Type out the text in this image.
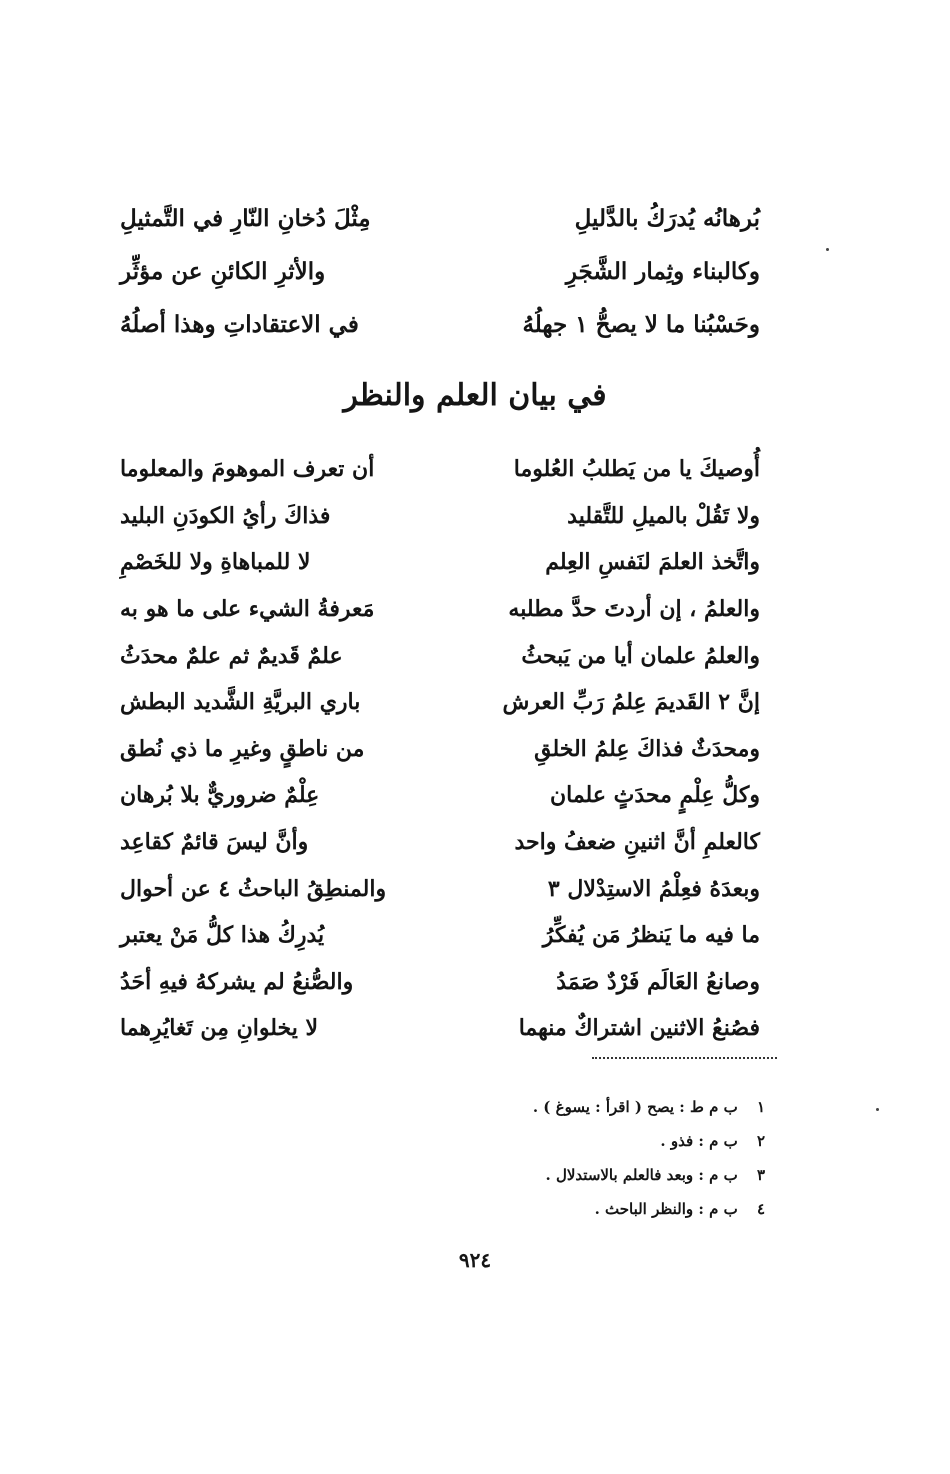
بُرهانُه يُدرَكُ بالدَّليلِ
مِثْلَ دُخانِ النّارِ في التَّمثيلِ
وكالبناء وثِمار الشَّجَرِ
والأثرِ الكائنِ عن مؤثِّر
وحَسْبُنا ما لا يصحُّ ١ جهلُهُ
في الاعتقاداتِ وهذا أصلُهُ
في بيان العلم والنظر
أُوصيكَ يا من يَطلبُ العُلوما
أن تعرف الموهومَ والمعلوما
ولا تَقُلْ بالميلِ للتَّقليد
فذاكَ رأيُ الكودَنِ البليد
واتَّخذ العلمَ لنَفسِ العِلم
لا للمباهاةِ ولا للخَصْمِ
والعلمُ ، إن أردتَ حدَّ مطلبه
مَعرفةُ الشيء على ما هو به
والعلمُ علمان أيا من يَبحثُ
علمٌ قَديمٌ ثم علمٌ محدَثُ
إنَّ ٢ القَديمَ عِلمُ رَبِّ العرش
باري البريَّةِ الشَّديد البطش
ومحدَثٌ فذاكَ عِلمُ الخلقِ
من ناطقٍ وغيرِ ما ذي نُطق
وكلُّ عِلْمٍ محدَثٍ علمان
عِلْمٌ ضروريٌّ بلا بُرهان
كالعلمِ أنَّ اثنينِ ضعفُ واحد
وأنَّ ليسَ قائمٌ كقاعِد
وبعدَهُ فعِلْمُ الاستِدْلال ٣
والمنطِقُ الباحثُ ٤ عن أحوال
ما فيه ما يَنظرُ مَن يُفكِّرُ
يُدرِكُ هذا كلُّ مَنْ يعتبر
وصانعُ العَالَم فَرْدٌ صَمَدُ
والصُّنعُ لم يشركهُ فيهِ أحَدُ
فصُنعُ الاثنين اشتراكٌ منهما
لا يخلوانِ مِن تَغايُرِهما
١ ب م ط : يصح ( اقرأ : يسوغ ) .
٢ ب م : فذو .
٣ ب م : وبعد فالعلم بالاستدلال .
٤ ب م : والنظر الباحث .
٩٢٤
